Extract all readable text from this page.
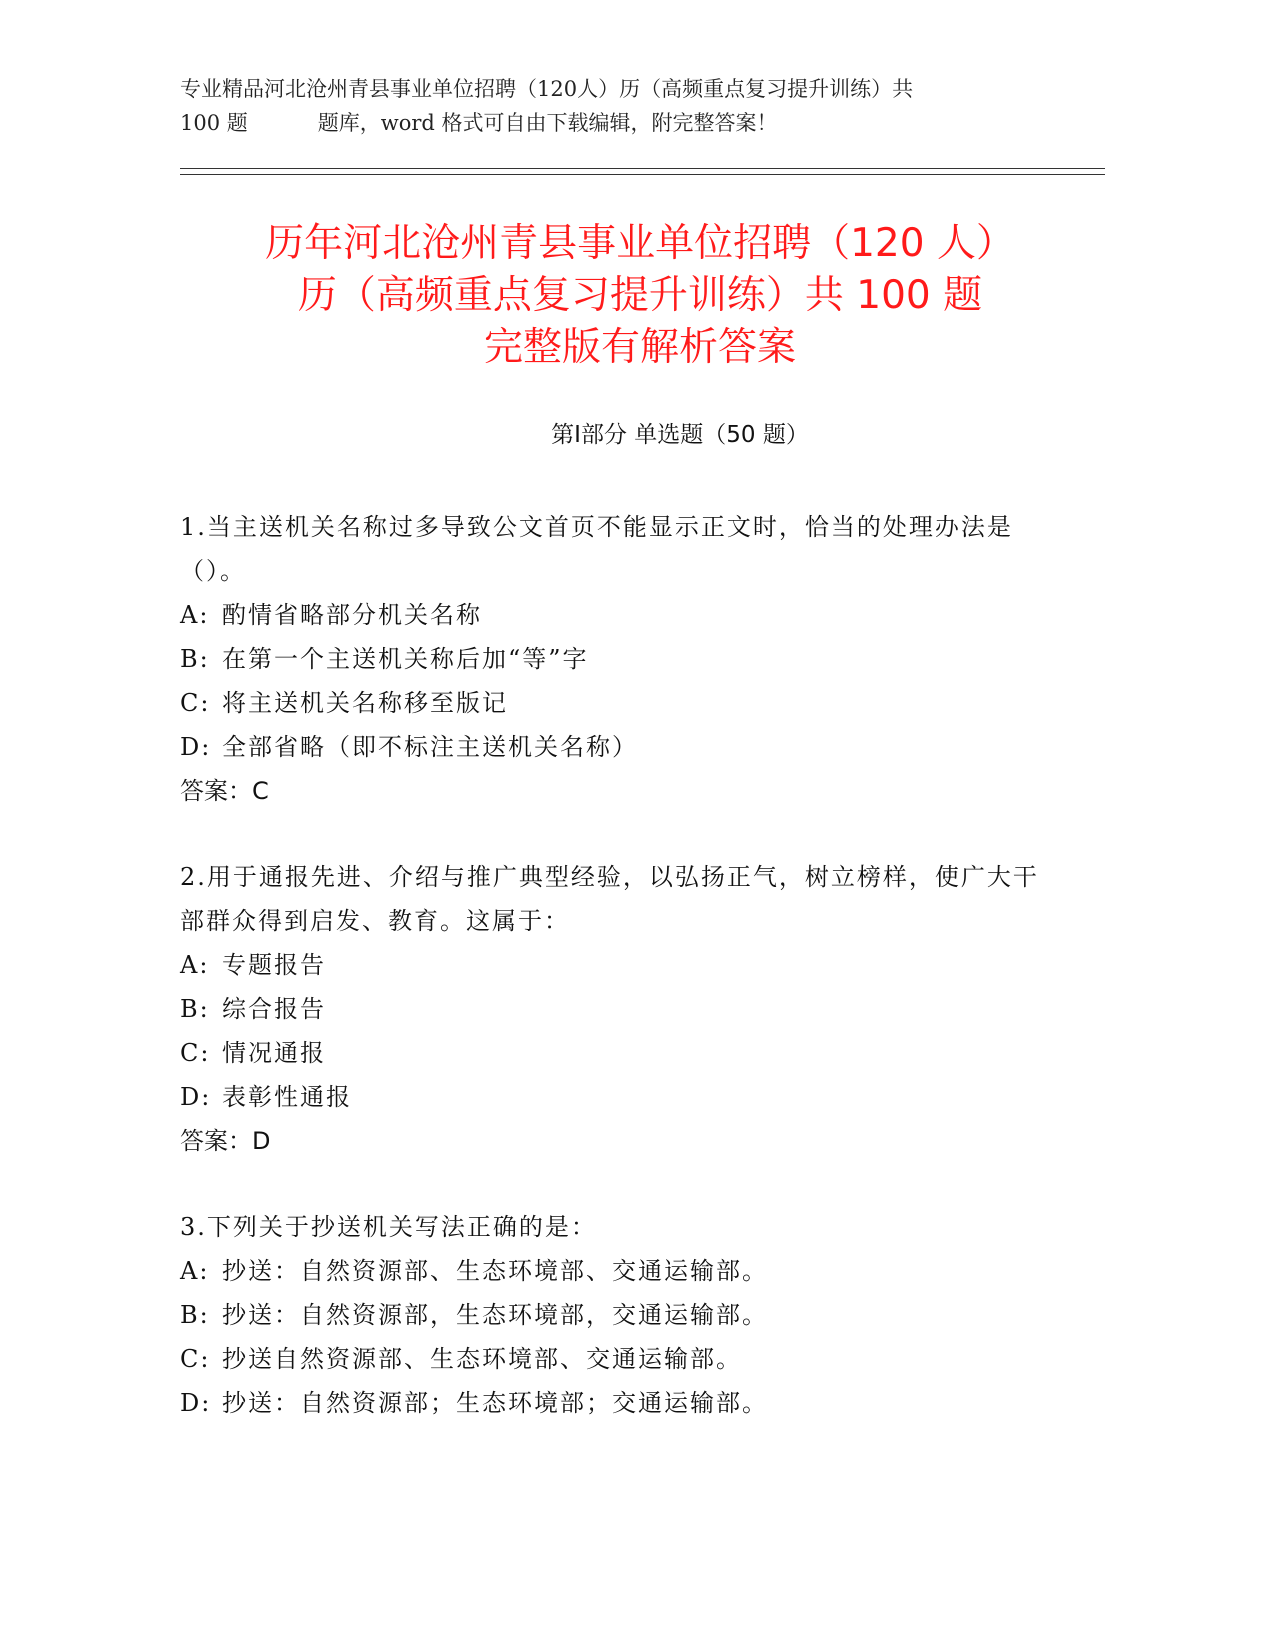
专业精品河北沧州青县事业单位招聘（120人）历（高频重点复习提升训练）共
100 题	题库，word 格式可自由下载编辑，附完整答案！
历年河北沧州青县事业单位招聘（120 人）
历（高频重点复习提升训练）共 100 题
完整版有解析答案
第Ⅰ部分 单选题（50 题）

1.当主送机关名称过多导致公文首页不能显示正文时，恰当的处理办法是（）。

A: 酌情省略部分机关名称
B: 在第一个主送机关称后加“等”字
C: 将主送机关名称移至版记
D: 全部省略（即不标注主送机关名称）
答案：C

2.用于通报先进、介绍与推广典型经验，以弘扬正气，树立榜样，使广大干部群众得到启发、教育。这属于：

A: 专题报告
B: 综合报告
C: 情况通报
D: 表彰性通报
答案：D

3.下列关于抄送机关写法正确的是：

A: 抄送：自然资源部、生态环境部、交通运输部。
B: 抄送：自然资源部，生态环境部，交通运输部。
C: 抄送自然资源部、生态环境部、交通运输部。
D: 抄送：自然资源部；生态环境部；交通运输部。
